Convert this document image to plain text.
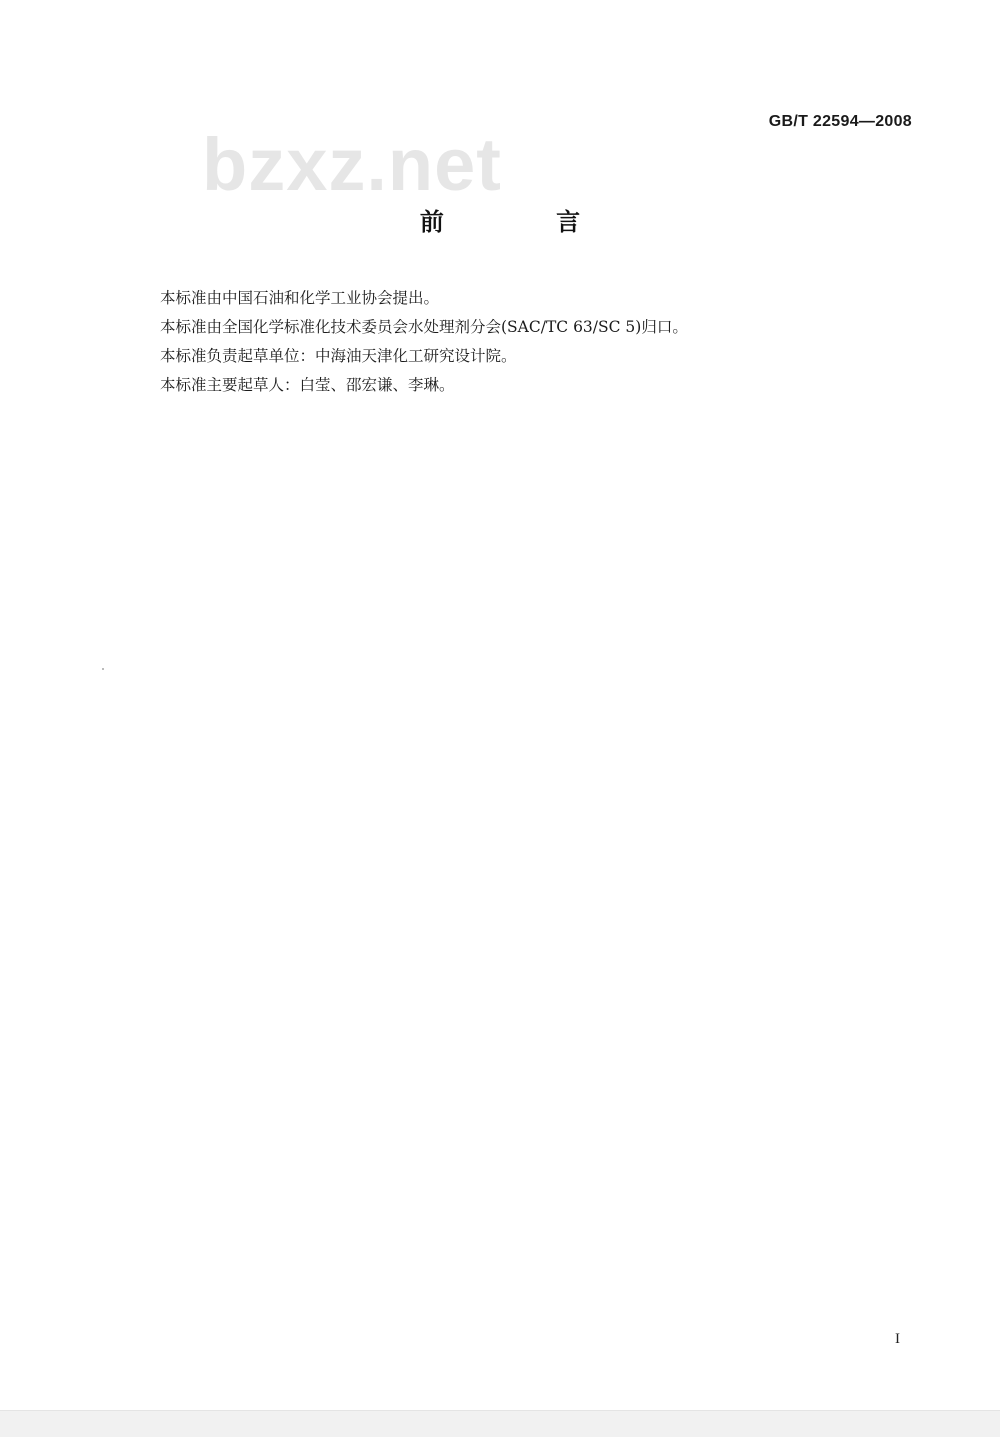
GB/T 22594—2008
bzxz.net
前 言

本标准由中国石油和化学工业协会提出。

本标准由全国化学标准化技术委员会水处理剂分会(SAC/TC 63/SC 5)归口。

本标准负责起草单位：中海油天津化工研究设计院。

本标准主要起草人：白莹、邵宏谦、李琳。

I
